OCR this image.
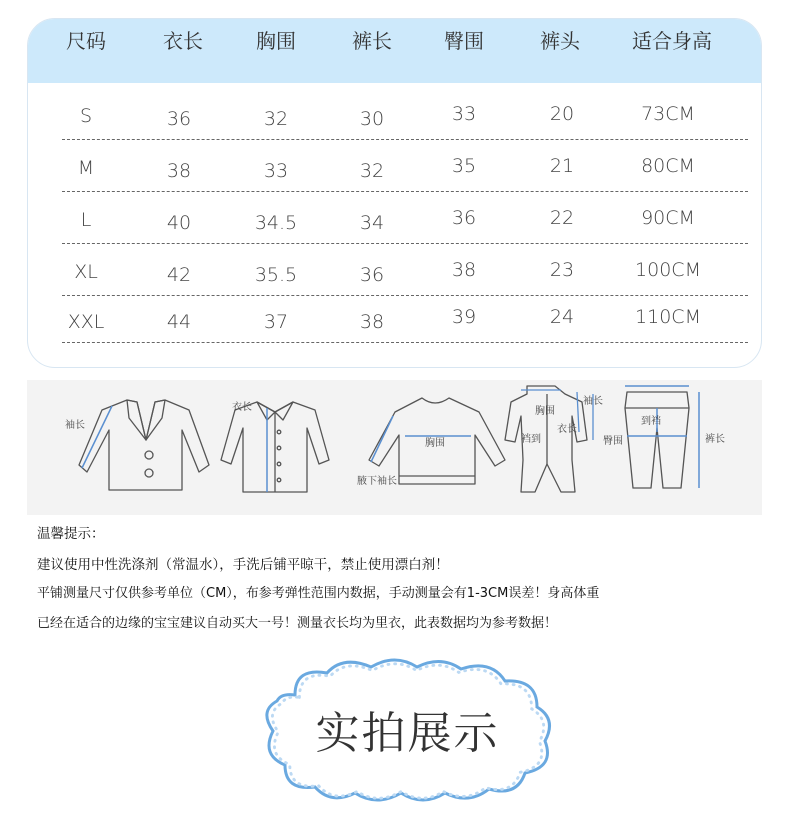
尺码	衣长	胸围	裤长	臀围	裤头	适合身高
S	36	32	30	33	20	73CM
M	38	33	32	35	21	80CM
L	40	34.5	34	36	22	90CM
XL	42	35.5	36	38	23	100CM
XXL	44	37	38	39	24	110CM
袖长
衣长
胸围
腋下袖长
胸围
衣长
裆到
袖长
到裆
臀围	裤长
温馨提示：
建议使用中性洗涤剂（常温水），手洗后铺平晾干，禁止使用漂白剂！
平铺测量尺寸仅供参考单位（CM），布参考弹性范围内数据，手动测量会有1-3CM误差！身高体重
已经在适合的边缘的宝宝建议自动买大一号！测量衣长均为里衣，此表数据均为参考数据！
实拍展示
